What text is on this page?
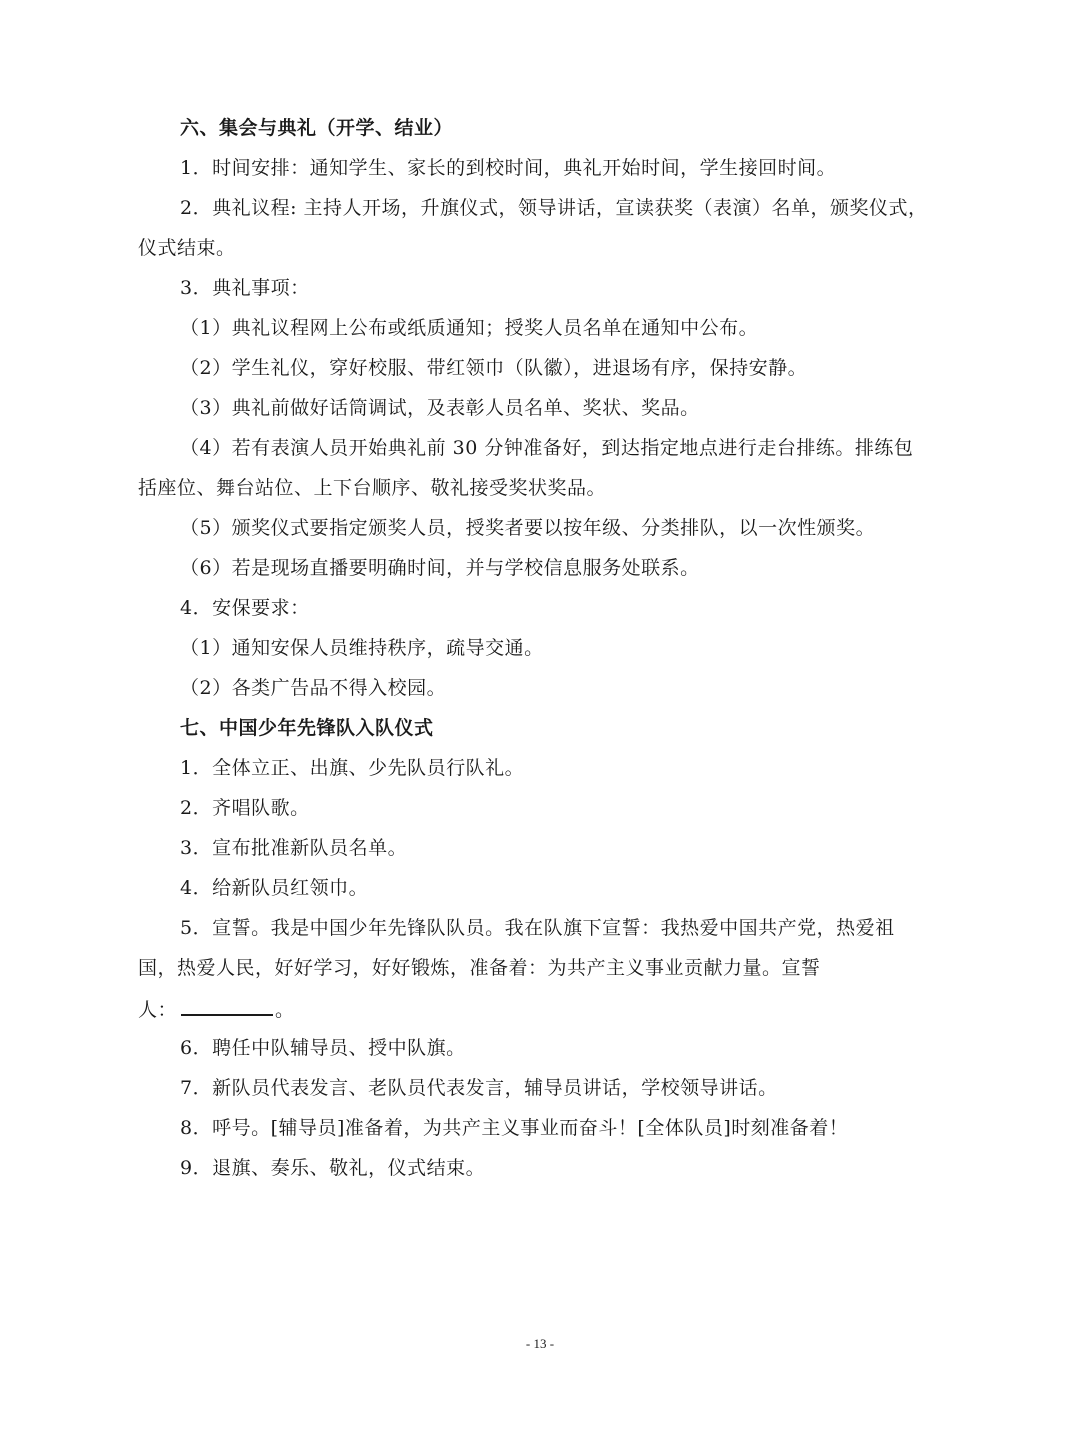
六、集会与典礼（开学、结业）
1．时间安排：通知学生、家长的到校时间，典礼开始时间，学生接回时间。
2．典礼议程: 主持人开场，升旗仪式，领导讲话，宣读获奖（表演）名单，颁奖仪式，
仪式结束。
3．典礼事项：
（1）典礼议程网上公布或纸质通知；授奖人员名单在通知中公布。
（2）学生礼仪，穿好校服、带红领巾（队徽），进退场有序，保持安静。
（3）典礼前做好话筒调试，及表彰人员名单、奖状、奖品。
（4）若有表演人员开始典礼前 30 分钟准备好，到达指定地点进行走台排练。排练包
括座位、舞台站位、上下台顺序、敬礼接受奖状奖品。
（5）颁奖仪式要指定颁奖人员，授奖者要以按年级、分类排队，以一次性颁奖。
（6）若是现场直播要明确时间，并与学校信息服务处联系。
4．安保要求：
（1）通知安保人员维持秩序，疏导交通。
（2）各类广告品不得入校园。
七、中国少年先锋队入队仪式
1．全体立正、出旗、少先队员行队礼。
2．齐唱队歌。
3．宣布批准新队员名单。
4．给新队员红领巾。
5．宣誓。我是中国少年先锋队队员。我在队旗下宣誓：我热爱中国共产党，热爱祖
国，热爱人民，好好学习，好好锻炼，准备着：为共产主义事业贡献力量。宣誓
人：	。
6．聘任中队辅导员、授中队旗。
7．新队员代表发言、老队员代表发言，辅导员讲话，学校领导讲话。
8．呼号。[辅导员]准备着，为共产主义事业而奋斗！[全体队员]时刻准备着！
9．退旗、奏乐、敬礼，仪式结束。
- 13 -
